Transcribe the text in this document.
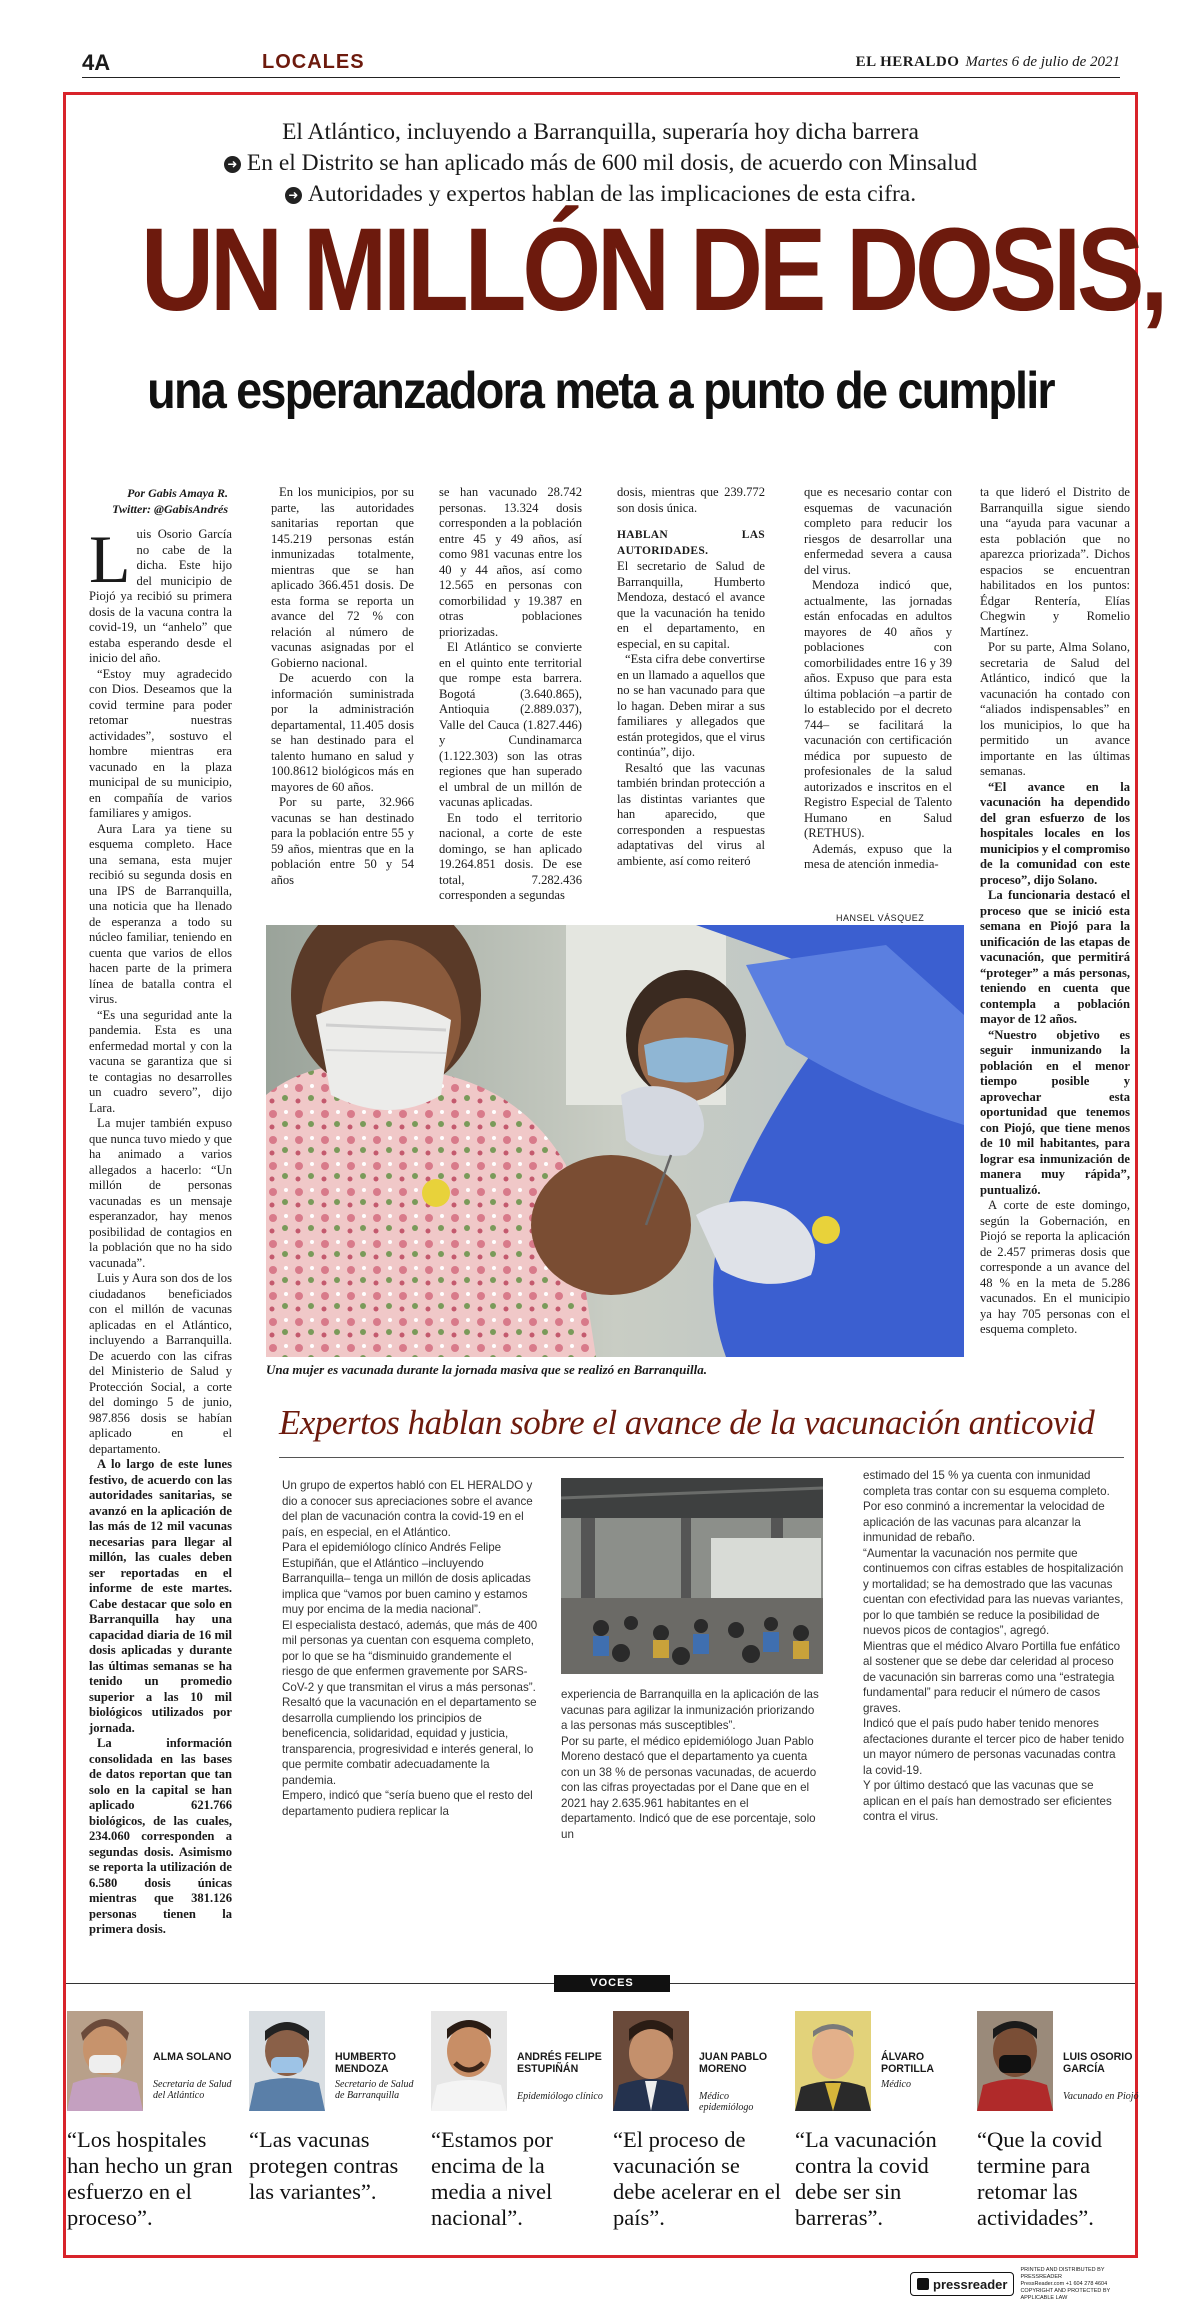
4A	LOCALES	EL HERALDO Martes 6 de julio de 2021
El Atlántico, incluyendo a Barranquilla, superaría hoy dicha barrera
➜ En el Distrito se han aplicado más de 600 mil dosis, de acuerdo con Minsalud
➜ Autoridades y expertos hablan de las implicaciones de esta cifra.
UN MILLÓN DE DOSIS,
una esperanzadora meta a punto de cumplir
Por Gabis Amaya R.
Twitter: @GabisAndrés

Luis Osorio García no cabe de la dicha. Este hijo del municipio de Piojó ya recibió su primera dosis de la vacuna contra la covid-19, un “anhelo” que estaba esperando desde el inicio del año.

“Estoy muy agradecido con Dios. Deseamos que la covid termine para poder retomar nuestras actividades”, sostuvo el hombre mientras era vacunado en la plaza municipal de su municipio, en compañía de varios familiares y amigos.

Aura Lara ya tiene su esquema completo. Hace una semana, esta mujer recibió su segunda dosis en una IPS de Barranquilla, una noticia que ha llenado de esperanza a todo su núcleo familiar, teniendo en cuenta que varios de ellos hacen parte de la primera línea de batalla contra el virus.

“Es una seguridad ante la pandemia. Esta es una enfermedad mortal y con la vacuna se garantiza que si te contagias no desarrolles un cuadro severo”, dijo Lara.

La mujer también expuso que nunca tuvo miedo y que ha animado a varios allegados a hacerlo: “Un millón de personas vacunadas es un mensaje esperanzador, hay menos posibilidad de contagios en la población que no ha sido vacunada”.

Luis y Aura son dos de los ciudadanos beneficiados con el millón de vacunas aplicadas en el Atlántico, incluyendo a Barranquilla. De acuerdo con las cifras del Ministerio de Salud y Protección Social, a corte del domingo 5 de junio, 987.856 dosis se habían aplicado en el departamento.

A lo largo de este lunes festivo, de acuerdo con las autoridades sanitarias, se avanzó en la aplicación de las más de 12 mil vacunas necesarias para llegar al millón, las cuales deben ser reportadas en el informe de este martes. Cabe destacar que solo en Barranquilla hay una capacidad diaria de 16 mil dosis aplicadas y durante las últimas semanas se ha tenido un promedio superior a las 10 mil biológicos utilizados por jornada.

La información consolidada en las bases de datos reportan que tan solo en la capital se han aplicado 621.766 biológicos, de las cuales, 234.060 corresponden a segundas dosis. Asimismo se reporta la utilización de 6.580 dosis únicas mientras que 381.126 personas tienen la primera dosis.

En los municipios, por su parte, las autoridades sanitarias reportan que 145.219 personas están inmunizadas totalmente, mientras que se han aplicado 366.451 dosis. De esta forma se reporta un avance del 72 % con relación al número de vacunas asignadas por el Gobierno nacional.

De acuerdo con la información suministrada por la administración departamental, 11.405 dosis se han destinado para el talento humano en salud y 100.8612 biológicos más en mayores de 60 años.

Por su parte, 32.966 vacunas se han destinado para la población entre 55 y 59 años, mientras que en la población entre 50 y 54 años

se han vacunado 28.742 personas. 13.324 dosis corresponden a la población entre 45 y 49 años, así como 981 vacunas entre los 40 y 44 años, así como 12.565 en personas con comorbilidad y 19.387 en otras poblaciones priorizadas.

El Atlántico se convierte en el quinto ente territorial que rompe esta barrera. Bogotá (3.640.865), Antioquia (2.889.037), Valle del Cauca (1.827.446) y Cundinamarca (1.122.303) son las otras regiones que han superado el umbral de un millón de vacunas aplicadas.

En todo el territorio nacional, a corte de este domingo, se han aplicado 19.264.851 dosis. De ese total, 7.282.436 corresponden a segundas

dosis, mientras que 239.772 son dosis única.

HABLAN LAS AUTORIDADES.

El secretario de Salud de Barranquilla, Humberto Mendoza, destacó el avance que la vacunación ha tenido en el departamento, en especial, en su capital.

“Esta cifra debe convertirse en un llamado a aquellos que no se han vacunado para que lo hagan. Deben mirar a sus familiares y allegados que están protegidos, que el virus continúa”, dijo.

Resaltó que las vacunas también brindan protección a las distintas variantes que han aparecido, que corresponden a respuestas adaptativas del virus al ambiente, así como reiteró

que es necesario contar con esquemas de vacunación completo para reducir los riesgos de desarrollar una enfermedad severa a causa del virus.

Mendoza indicó que, actualmente, las jornadas están enfocadas en adultos mayores de 40 años y poblaciones con comorbilidades entre 16 y 39 años. Expuso que para esta última población –a partir de lo establecido por el decreto 744– se facilitará la vacunación con certificación médica por supuesto de profesionales de la salud autorizados e inscritos en el Registro Especial de Talento Humano en Salud (RETHUS).

Además, expuso que la mesa de atención inmedia-

ta que lideró el Distrito de Barranquilla sigue siendo una “ayuda para vacunar a esta población que no aparezca priorizada”. Dichos espacios se encuentran habilitados en los puntos: Édgar Rentería, Elías Chegwin y Romelio Martínez.

Por su parte, Alma Solano, secretaria de Salud del Atlántico, indicó que la vacunación ha contado con “aliados indispensables” en los municipios, lo que ha permitido un avance importante en las últimas semanas.

“El avance en la vacunación ha dependido del gran esfuerzo de los hospitales locales en los municipios y el compromiso de la comunidad con este proceso”, dijo Solano.

La funcionaria destacó el proceso que se inició esta semana en Piojó para la unificación de las etapas de vacunación, que permitirá “proteger” a más personas, teniendo en cuenta que contempla a población mayor de 12 años.

“Nuestro objetivo es seguir inmunizando la población en el menor tiempo posible y aprovechar esta oportunidad que tenemos con Piojó, que tiene menos de 10 mil habitantes, para lograr esa inmunización de manera muy rápida”, puntualizó.

A corte de este domingo, según la Gobernación, en Piojó se reporta la aplicación de 2.457 primeras dosis que corresponde a un avance del 48 % en la meta de 5.286 vacunados. En el municipio ya hay 705 personas con el esquema completo.

HANSEL VÁSQUEZ
Una mujer es vacunada durante la jornada masiva que se realizó en Barranquilla.
Expertos hablan sobre el avance de la vacunación anticovid

Un grupo de expertos habló con EL HERALDO y dio a conocer sus apreciaciones sobre el avance del plan de vacunación contra la covid-19 en el país, en especial, en el Atlántico.

Para el epidemiólogo clínico Andrés Felipe Estupiñán, que el Atlántico –incluyendo Barranquilla– tenga un millón de dosis aplicadas implica que “vamos por buen camino y estamos muy por encima de la media nacional”.

El especialista destacó, además, que más de 400 mil personas ya cuentan con esquema completo, por lo que se ha “disminuido grandemente el riesgo de que enfermen gravemente por SARS-CoV-2 y que transmitan el virus a más personas”.

Resaltó que la vacunación en el departamento se desarrolla cumpliendo los principios de beneficencia, solidaridad, equidad y justicia, transparencia, progresividad e interés general, lo que permite combatir adecuadamente la pandemia.

Empero, indicó que “sería bueno que el resto del departamento pudiera replicar la

experiencia de Barranquilla en la aplicación de las vacunas para agilizar la inmunización priorizando a las personas más susceptibles”.

Por su parte, el médico epidemiólogo Juan Pablo Moreno destacó que el departamento ya cuenta con un 38 % de personas vacunadas, de acuerdo con las cifras proyectadas por el Dane que en el 2021 hay 2.635.961 habitantes en el departamento. Indicó que de ese porcentaje, solo un

estimado del 15 % ya cuenta con inmunidad completa tras contar con su esquema completo. Por eso conminó a incrementar la velocidad de aplicación de las vacunas para alcanzar la inmunidad de rebaño.

“Aumentar la vacunación nos permite que continuemos con cifras estables de hospitalización y mortalidad; se ha demostrado que las vacunas cuentan con efectividad para las nuevas variantes, por lo que también se reduce la posibilidad de nuevos picos de contagios”, agregó.

Mientras que el médico Alvaro Portilla fue enfático al sostener que se debe dar celeridad al proceso de vacunación sin barreras como una “estrategia fundamental” para reducir el número de casos graves.

Indicó que el país pudo haber tenido menores afectaciones durante el tercer pico de haber tenido un mayor número de personas vacunadas contra la covid-19.

Y por último destacó que las vacunas que se aplican en el país han demostrado ser eficientes contra el virus.

VOCES
ALMA SOLANO
Secretaria de Salud del Atlántico
“Los hospitales han hecho un gran esfuerzo en el proceso”.
HUMBERTO MENDOZA
Secretario de Salud de Barranquilla
“Las vacunas protegen contras las variantes”.
ANDRÉS FELIPE ESTUPIÑÁN
Epidemiólogo clínico
“Estamos por encima de la media a nivel nacional”.
JUAN PABLO MORENO
Médico epidemiólogo
“El proceso de vacunación se debe acelerar en el país”.
ÁLVARO PORTILLA
Médico
“La vacunación contra la covid debe ser sin barreras”.
LUIS OSORIO GARCÍA
Vacunado en Piojó
“Que la covid termine para retomar las actividades”.
pressreader
PRINTED AND DISTRIBUTED BY PRESSREADER
PressReader.com +1 604 278 4604
COPYRIGHT AND PROTECTED BY APPLICABLE LAW
